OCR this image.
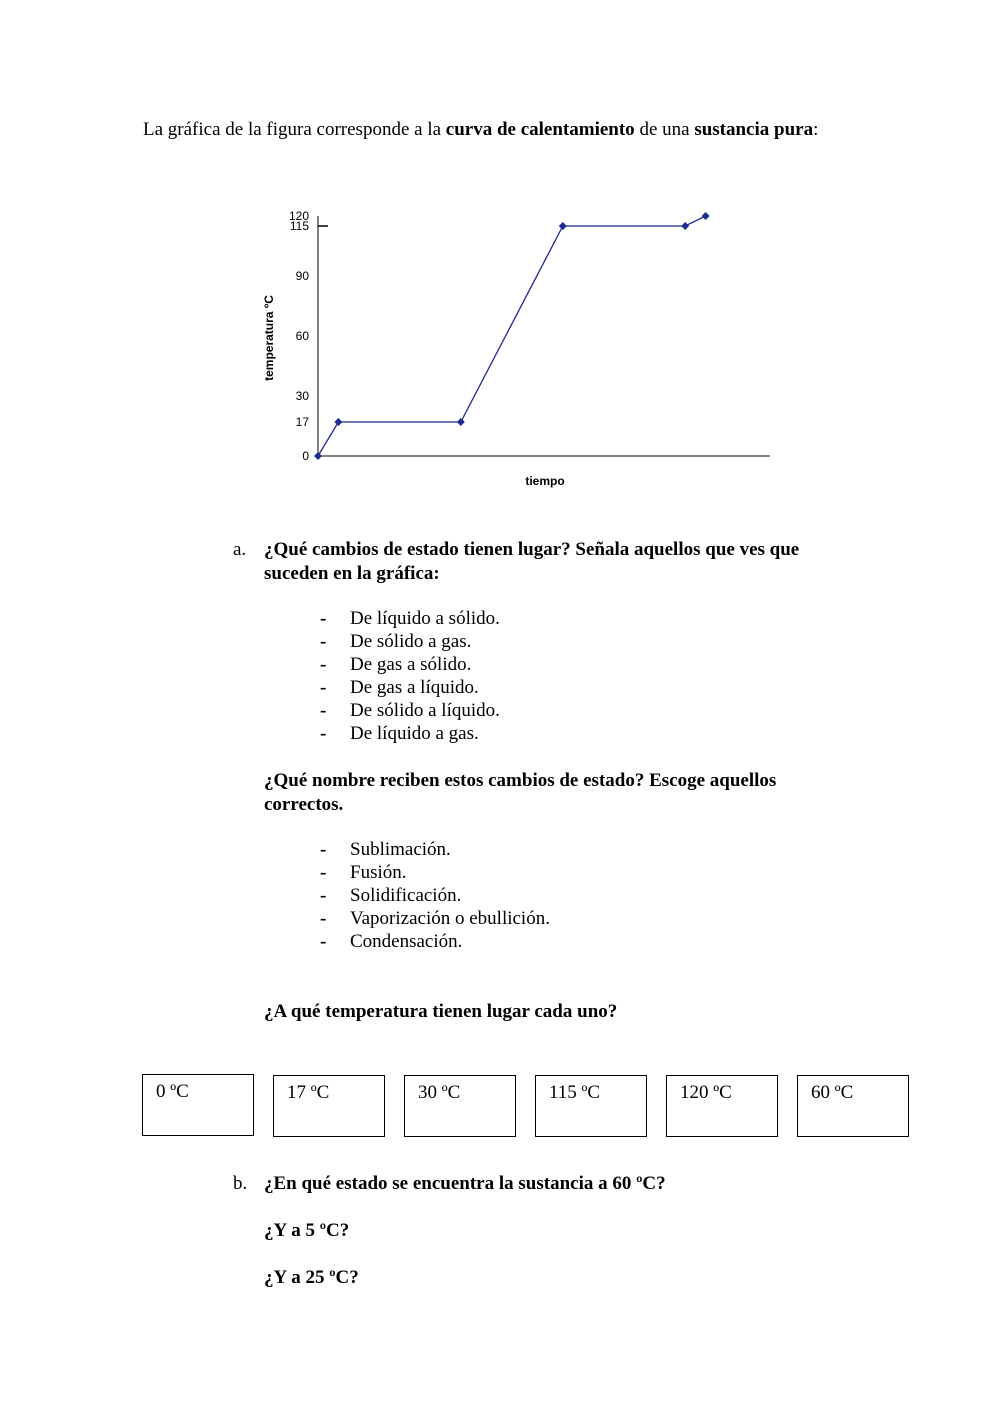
La gráfica de la figura corresponde a la curva de calentamiento de una sustancia pura:
0
17
30
60
90
115
120
tiempo
temperatura ºC
a. ¿Qué cambios de estado tienen lugar? Señala aquellos que ves que suceden en la gráfica:
- De líquido a sólido.
- De sólido a gas.
- De gas a sólido.
- De gas a líquido.
- De sólido a líquido.
- De líquido a gas.
¿Qué nombre reciben estos cambios de estado? Escoge aquellos correctos.
- Sublimación.
- Fusión.
- Solidificación.
- Vaporización o ebullición.
- Condensación.
¿A qué temperatura tienen lugar cada uno?
0 ºC	17 ºC	30 ºC	115 ºC	120 ºC	60 ºC
b. ¿En qué estado se encuentra la sustancia a 60 ºC?
¿Y a 5 ºC?
¿Y a 25 ºC?
